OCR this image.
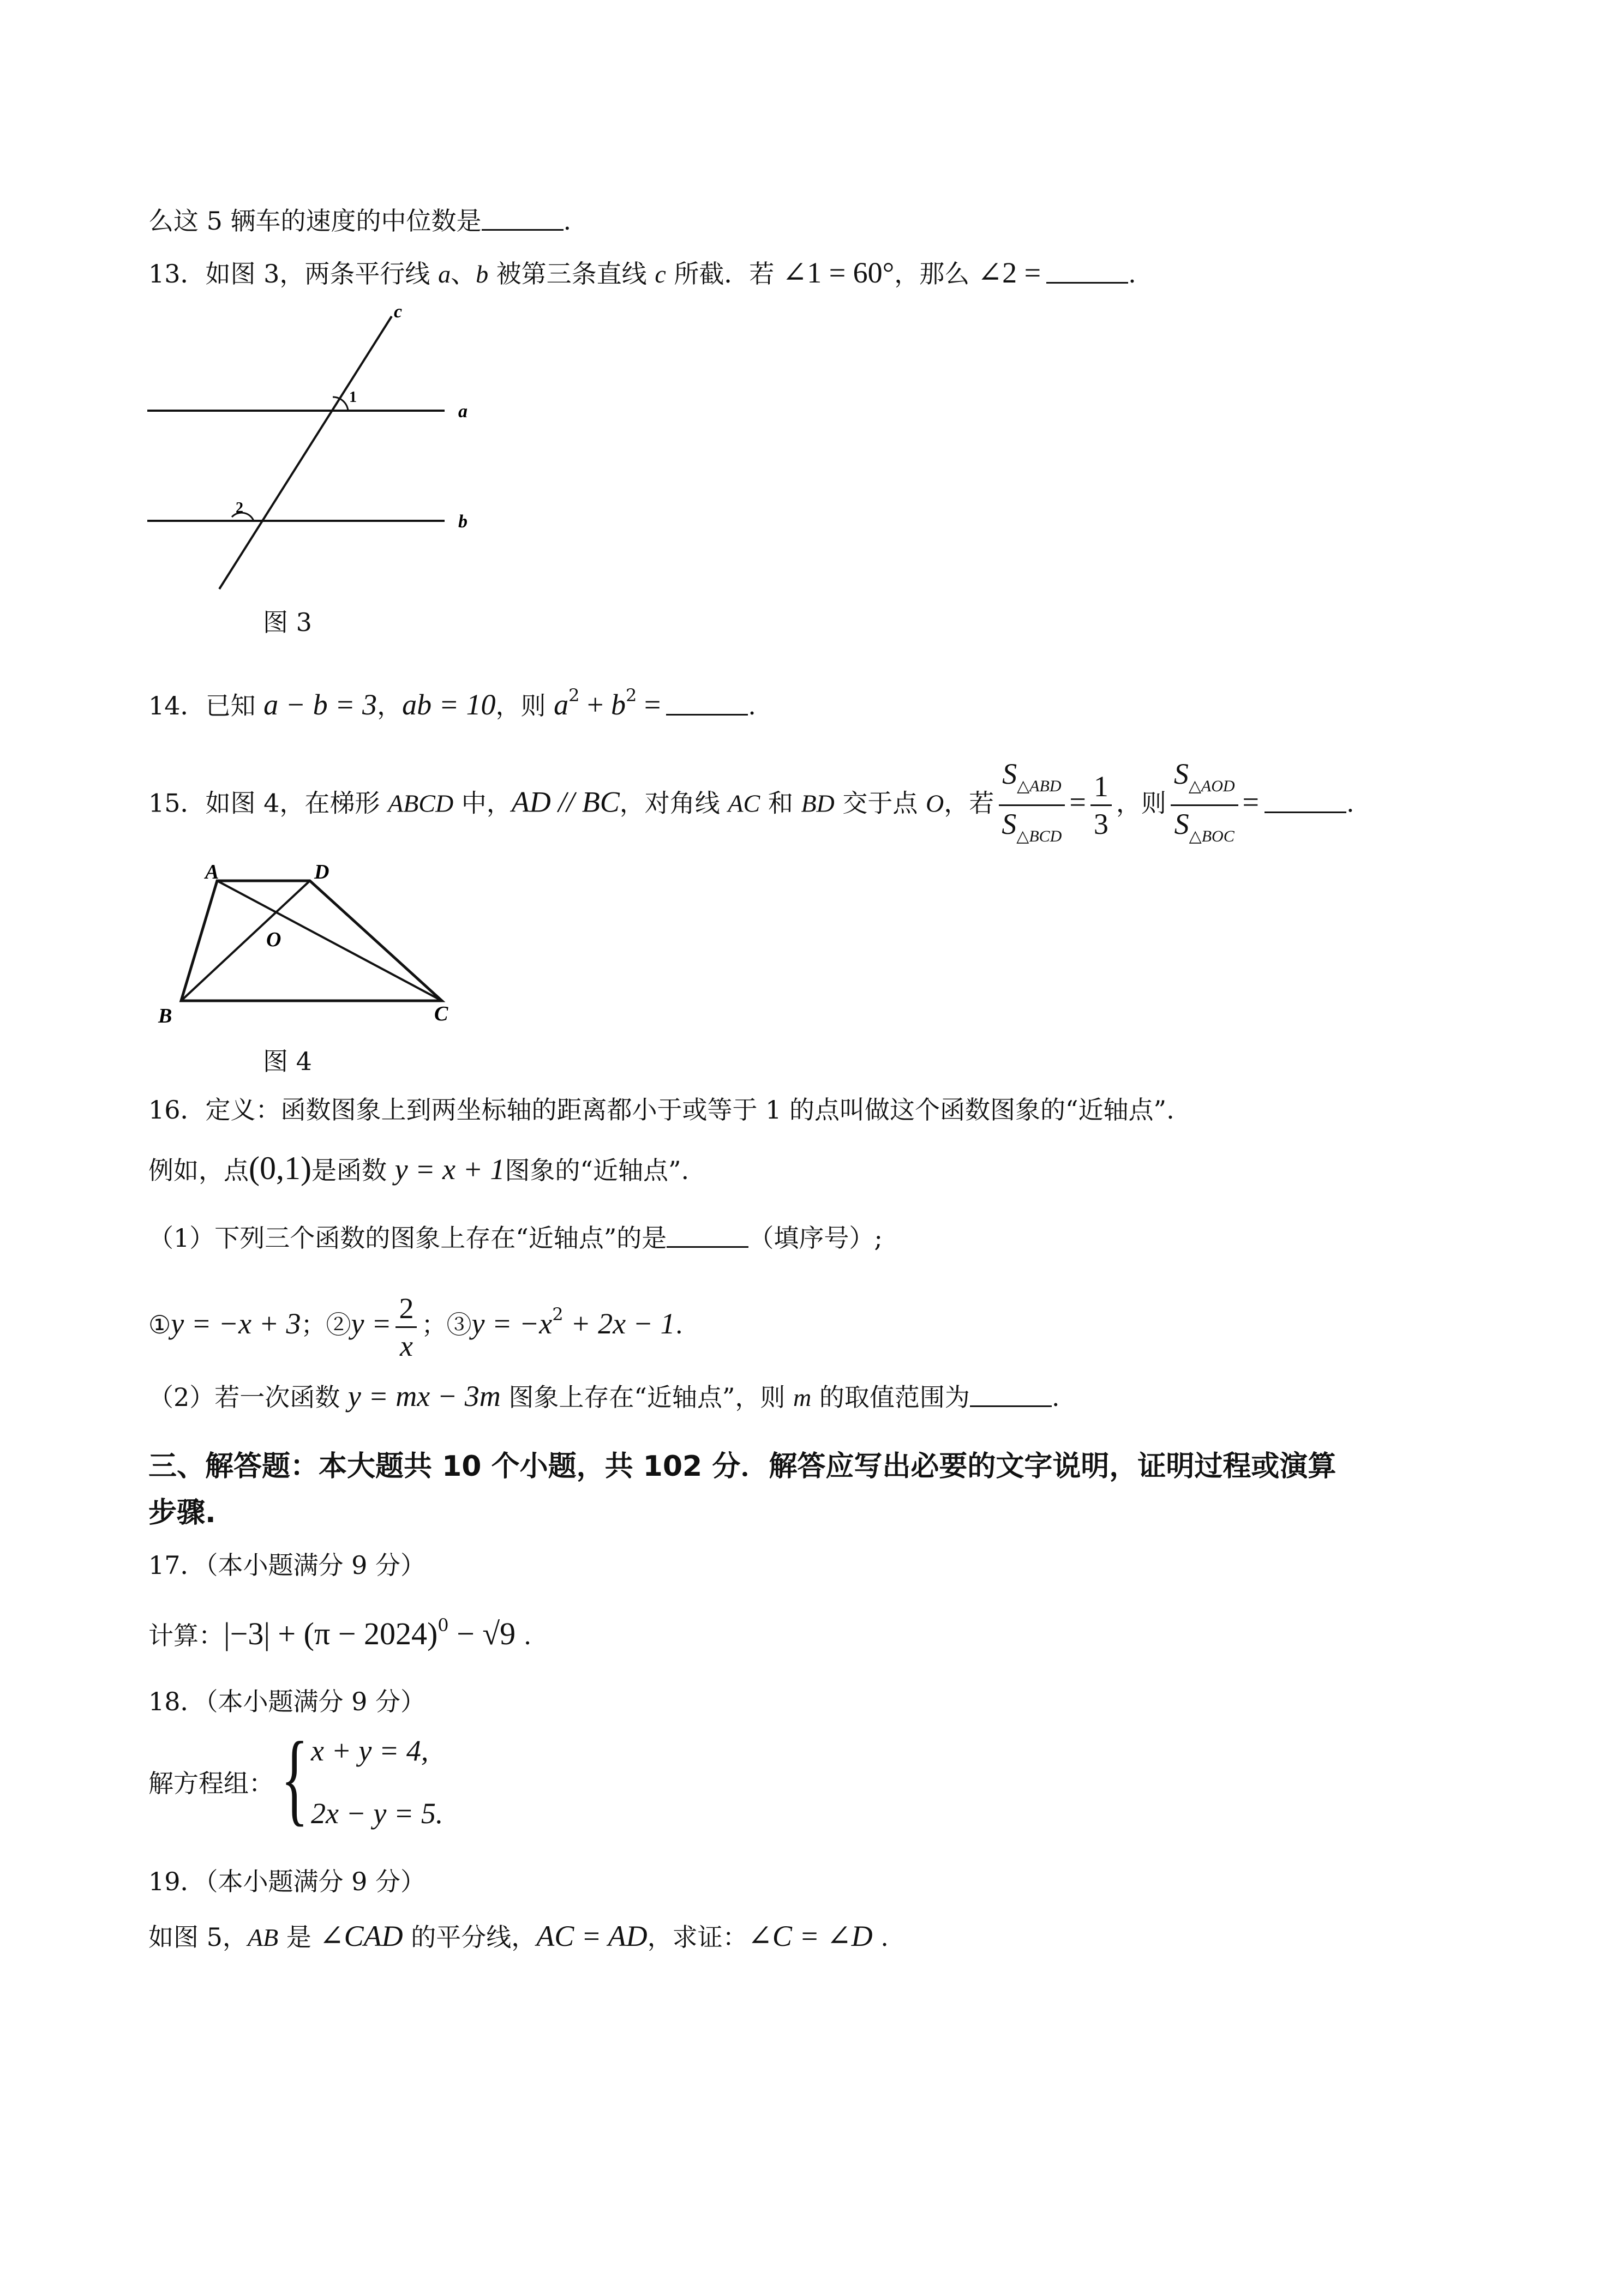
么这 5 辆车的速度的中位数是	.
13．如图 3，两条平行线 a、b 被第三条直线 c 所截．若 ∠1 = 60°，那么 ∠2 =	.
c
a
b
1
2
图 3
14．已知 a − b = 3，ab = 10，则 $a^2 + b^2$ =	.
15．如图 4，在梯形 ABCD 中，AD // BC，对角线 AC 和 BD 交于点 O，若 $\frac{S_{\triangle ABD}}{S_{\triangle BCD}} = \frac{1}{3}$ ，则 $\frac{S_{\triangle AOD}}{S_{\triangle BOC}}$ =	.
A	D
O
B	C
图 4
16．定义：函数图象上到两坐标轴的距离都小于或等于 1 的点叫做这个函数图象的“近轴点”.
例如，点(0,1)是函数 y = x + 1图象的“近轴点”.
（1）下列三个函数的图象上存在“近轴点”的是	（填序号）;
①y = −x + 3；②y = $\frac{2}{x}$ ；③y = $-x^2 + 2x - 1$.
（2）若一次函数 y = mx − 3m 图象上存在“近轴点”，则 m 的取值范围为	.
三、解答题：本大题共 10 个小题，共 102 分．解答应写出必要的文字说明，证明过程或演算
步骤.
17．（本小题满分 9 分）
计算：$|-3| + (\pi - 2024)^0 - √9$ .
18．（本小题满分 9 分）
解方程组： { x + y = 4,
2x − y = 5.
19．（本小题满分 9 分）
如图 5，AB 是 ∠CAD 的平分线，AC = AD，求证：∠C = ∠D .
